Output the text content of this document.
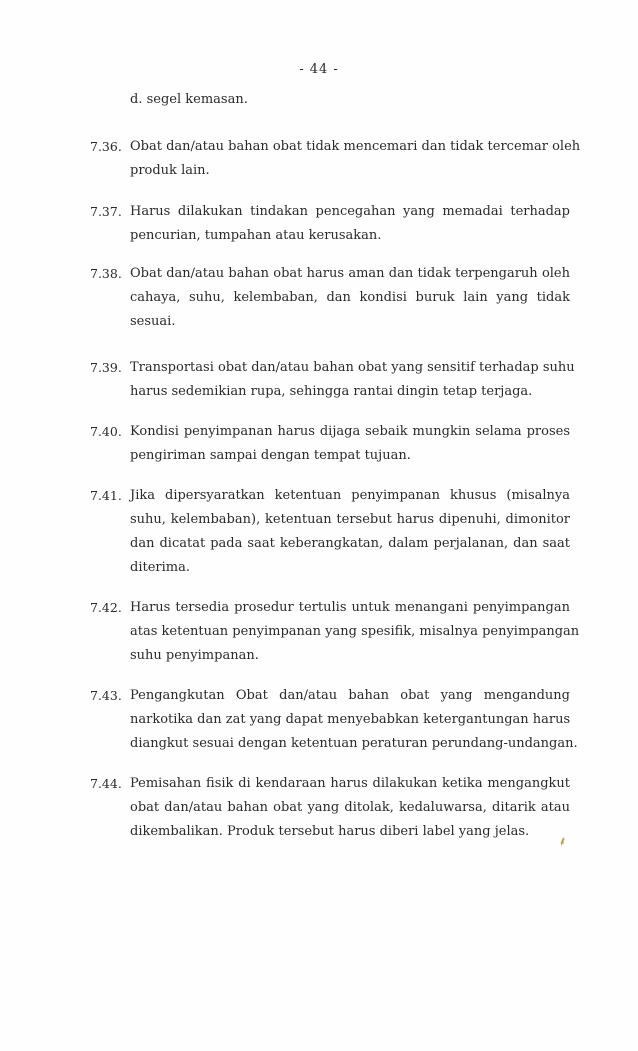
- 44 -
d. segel kemasan.
7.36. Obat dan/atau bahan obat tidak mencemari dan tidak tercemar oleh
produk lain.
7.37. Harus dilakukan tindakan pencegahan yang memadai terhadap
pencurian, tumpahan atau kerusakan.
7.38. Obat dan/atau bahan obat harus aman dan tidak terpengaruh oleh
cahaya, suhu, kelembaban, dan kondisi buruk lain yang tidak
sesuai.
7.39. Transportasi obat dan/atau bahan obat yang sensitif terhadap suhu
harus sedemikian rupa, sehingga rantai dingin tetap terjaga.
7.40. Kondisi penyimpanan harus dijaga sebaik mungkin selama proses
pengiriman sampai dengan tempat tujuan.
7.41. Jika dipersyaratkan ketentuan penyimpanan khusus (misalnya
suhu, kelembaban), ketentuan tersebut harus dipenuhi, dimonitor
dan dicatat pada saat keberangkatan, dalam perjalanan, dan saat
diterima.
7.42. Harus tersedia prosedur tertulis untuk menangani penyimpangan
atas ketentuan penyimpanan yang spesifik, misalnya penyimpangan
suhu penyimpanan.
7.43. Pengangkutan Obat dan/atau bahan obat yang mengandung
narkotika dan zat yang dapat menyebabkan ketergantungan harus
diangkut sesuai dengan ketentuan peraturan perundang-undangan.
7.44. Pemisahan fisik di kendaraan harus dilakukan ketika mengangkut
obat dan/atau bahan obat yang ditolak, kedaluwarsa, ditarik atau
dikembalikan. Produk tersebut harus diberi label yang jelas.
⸙
